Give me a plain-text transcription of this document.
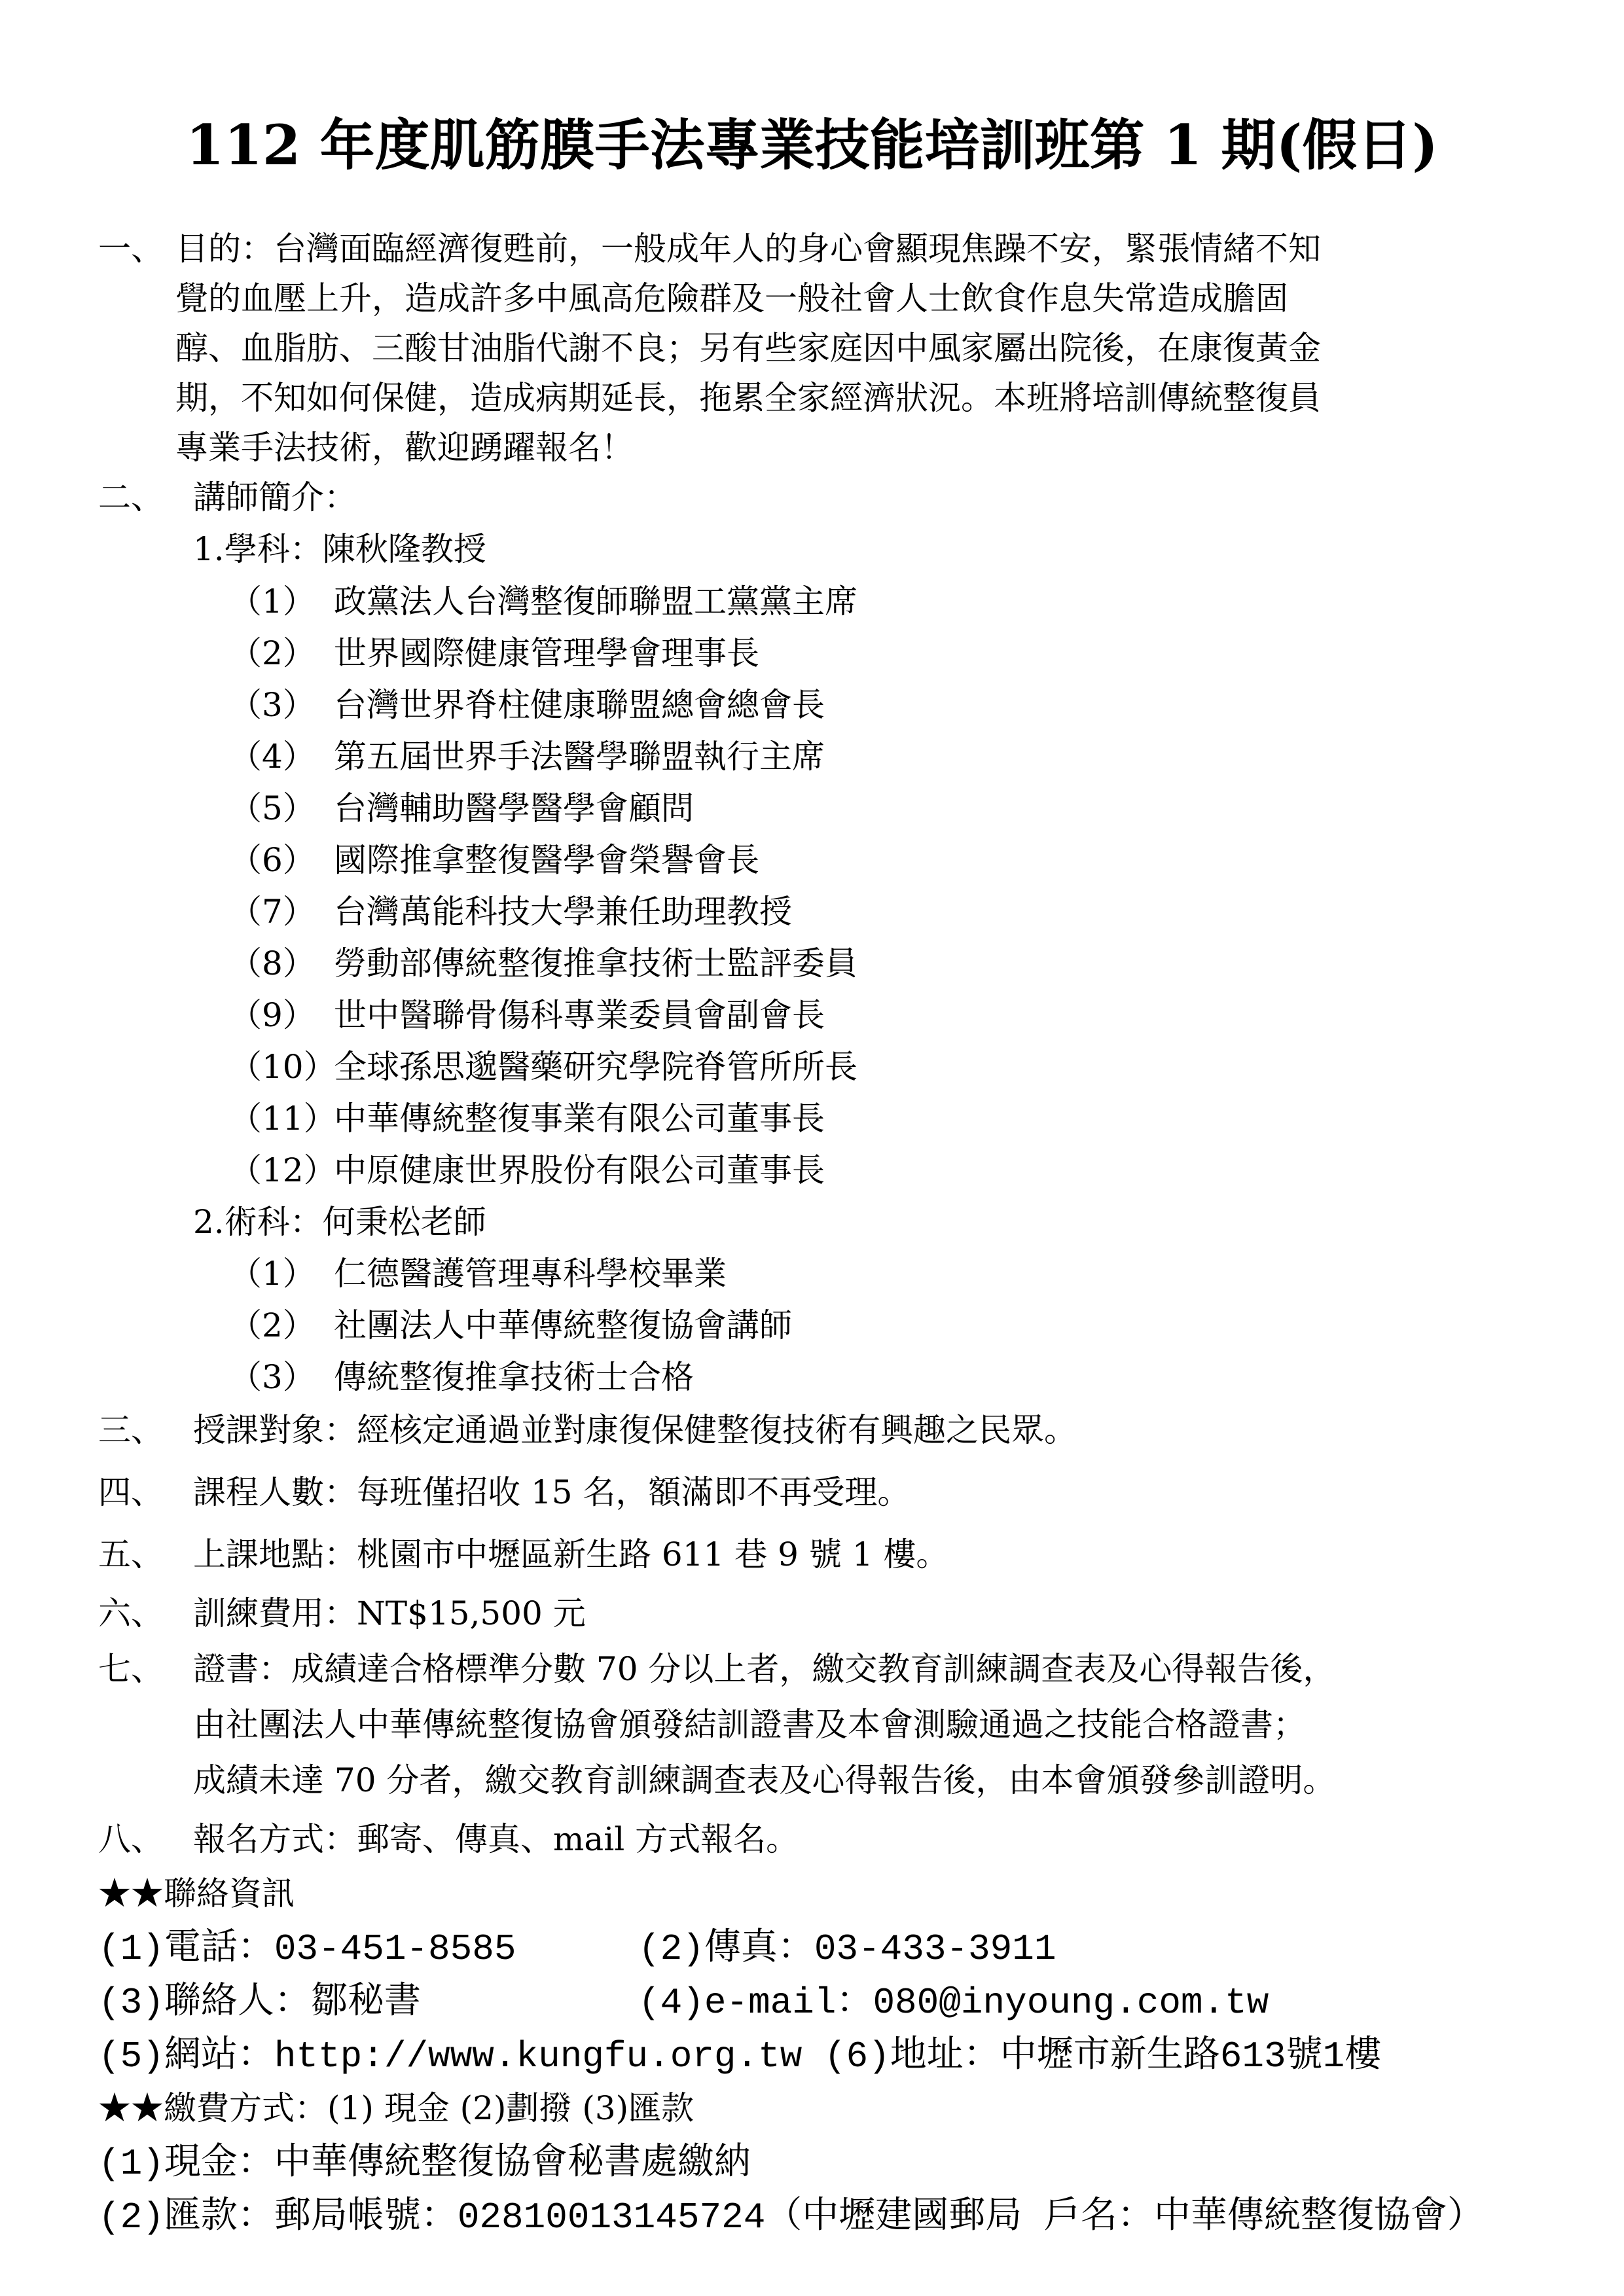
112 年度肌筋膜手法專業技能培訓班第 1 期(假日)
一、 目的：台灣面臨經濟復甦前，一般成年人的身心會顯現焦躁不安，緊張情緒不知
覺的血壓上升，造成許多中風高危險群及一般社會人士飲食作息失常造成膽固
醇、血脂肪、三酸甘油脂代謝不良；另有些家庭因中風家屬出院後，在康復黃金
期，不知如何保健，造成病期延長，拖累全家經濟狀況。本班將培訓傳統整復員
專業手法技術，歡迎踴躍報名！
二、 講師簡介：
1.學科：陳秋隆教授
（1） 政黨法人台灣整復師聯盟工黨黨主席
（2） 世界國際健康管理學會理事長
（3） 台灣世界脊柱健康聯盟總會總會長
（4） 第五屆世界手法醫學聯盟執行主席
（5） 台灣輔助醫學醫學會顧問
（6） 國際推拿整復醫學會榮譽會長
（7） 台灣萬能科技大學兼任助理教授
（8） 勞動部傳統整復推拿技術士監評委員
（9） 世中醫聯骨傷科專業委員會副會長
（10）
全球孫思邈醫藥研究學院脊管所所長
（11）
中華傳統整復事業有限公司董事長
（12）
中原健康世界股份有限公司董事長
2.術科：何秉松老師
（1） 仁德醫護管理專科學校畢業
（2） 社團法人中華傳統整復協會講師
（3） 傳統整復推拿技術士合格
三、 授課對象：經核定通過並對康復保健整復技術有興趣之民眾。
四、 課程人數：每班僅招收 15 名，額滿即不再受理。
五、 上課地點：桃園市中壢區新生路 611 巷 9 號 1 樓。
六、 訓練費用：NT$15,500 元
七、 證書：成績達合格標準分數 70 分以上者，繳交教育訓練調查表及心得報告後，
由社團法人中華傳統整復協會頒發結訓證書及本會測驗通過之技能合格證書；
成績未達 70 分者，繳交教育訓練調查表及心得報告後，由本會頒發參訓證明。
八、 報名方式：郵寄、傳真、mail 方式報名。
★★聯絡資訊
(1)電話：03-451-8585	(2)傳真：03-433-3911
(3)聯絡人：鄒秘書	(4)e-mail：080@inyoung.com.tw
(5)網站：http://www.kungfu.org.tw (6)地址：中壢市新生路613號1樓
★★繳費方式：(1) 現金 (2)劃撥 (3)匯款
(1)現金：中華傳統整復協會秘書處繳納
(2)匯款：郵局帳號：02810013145724（中壢建國郵局 戶名：中華傳統整復協會）
